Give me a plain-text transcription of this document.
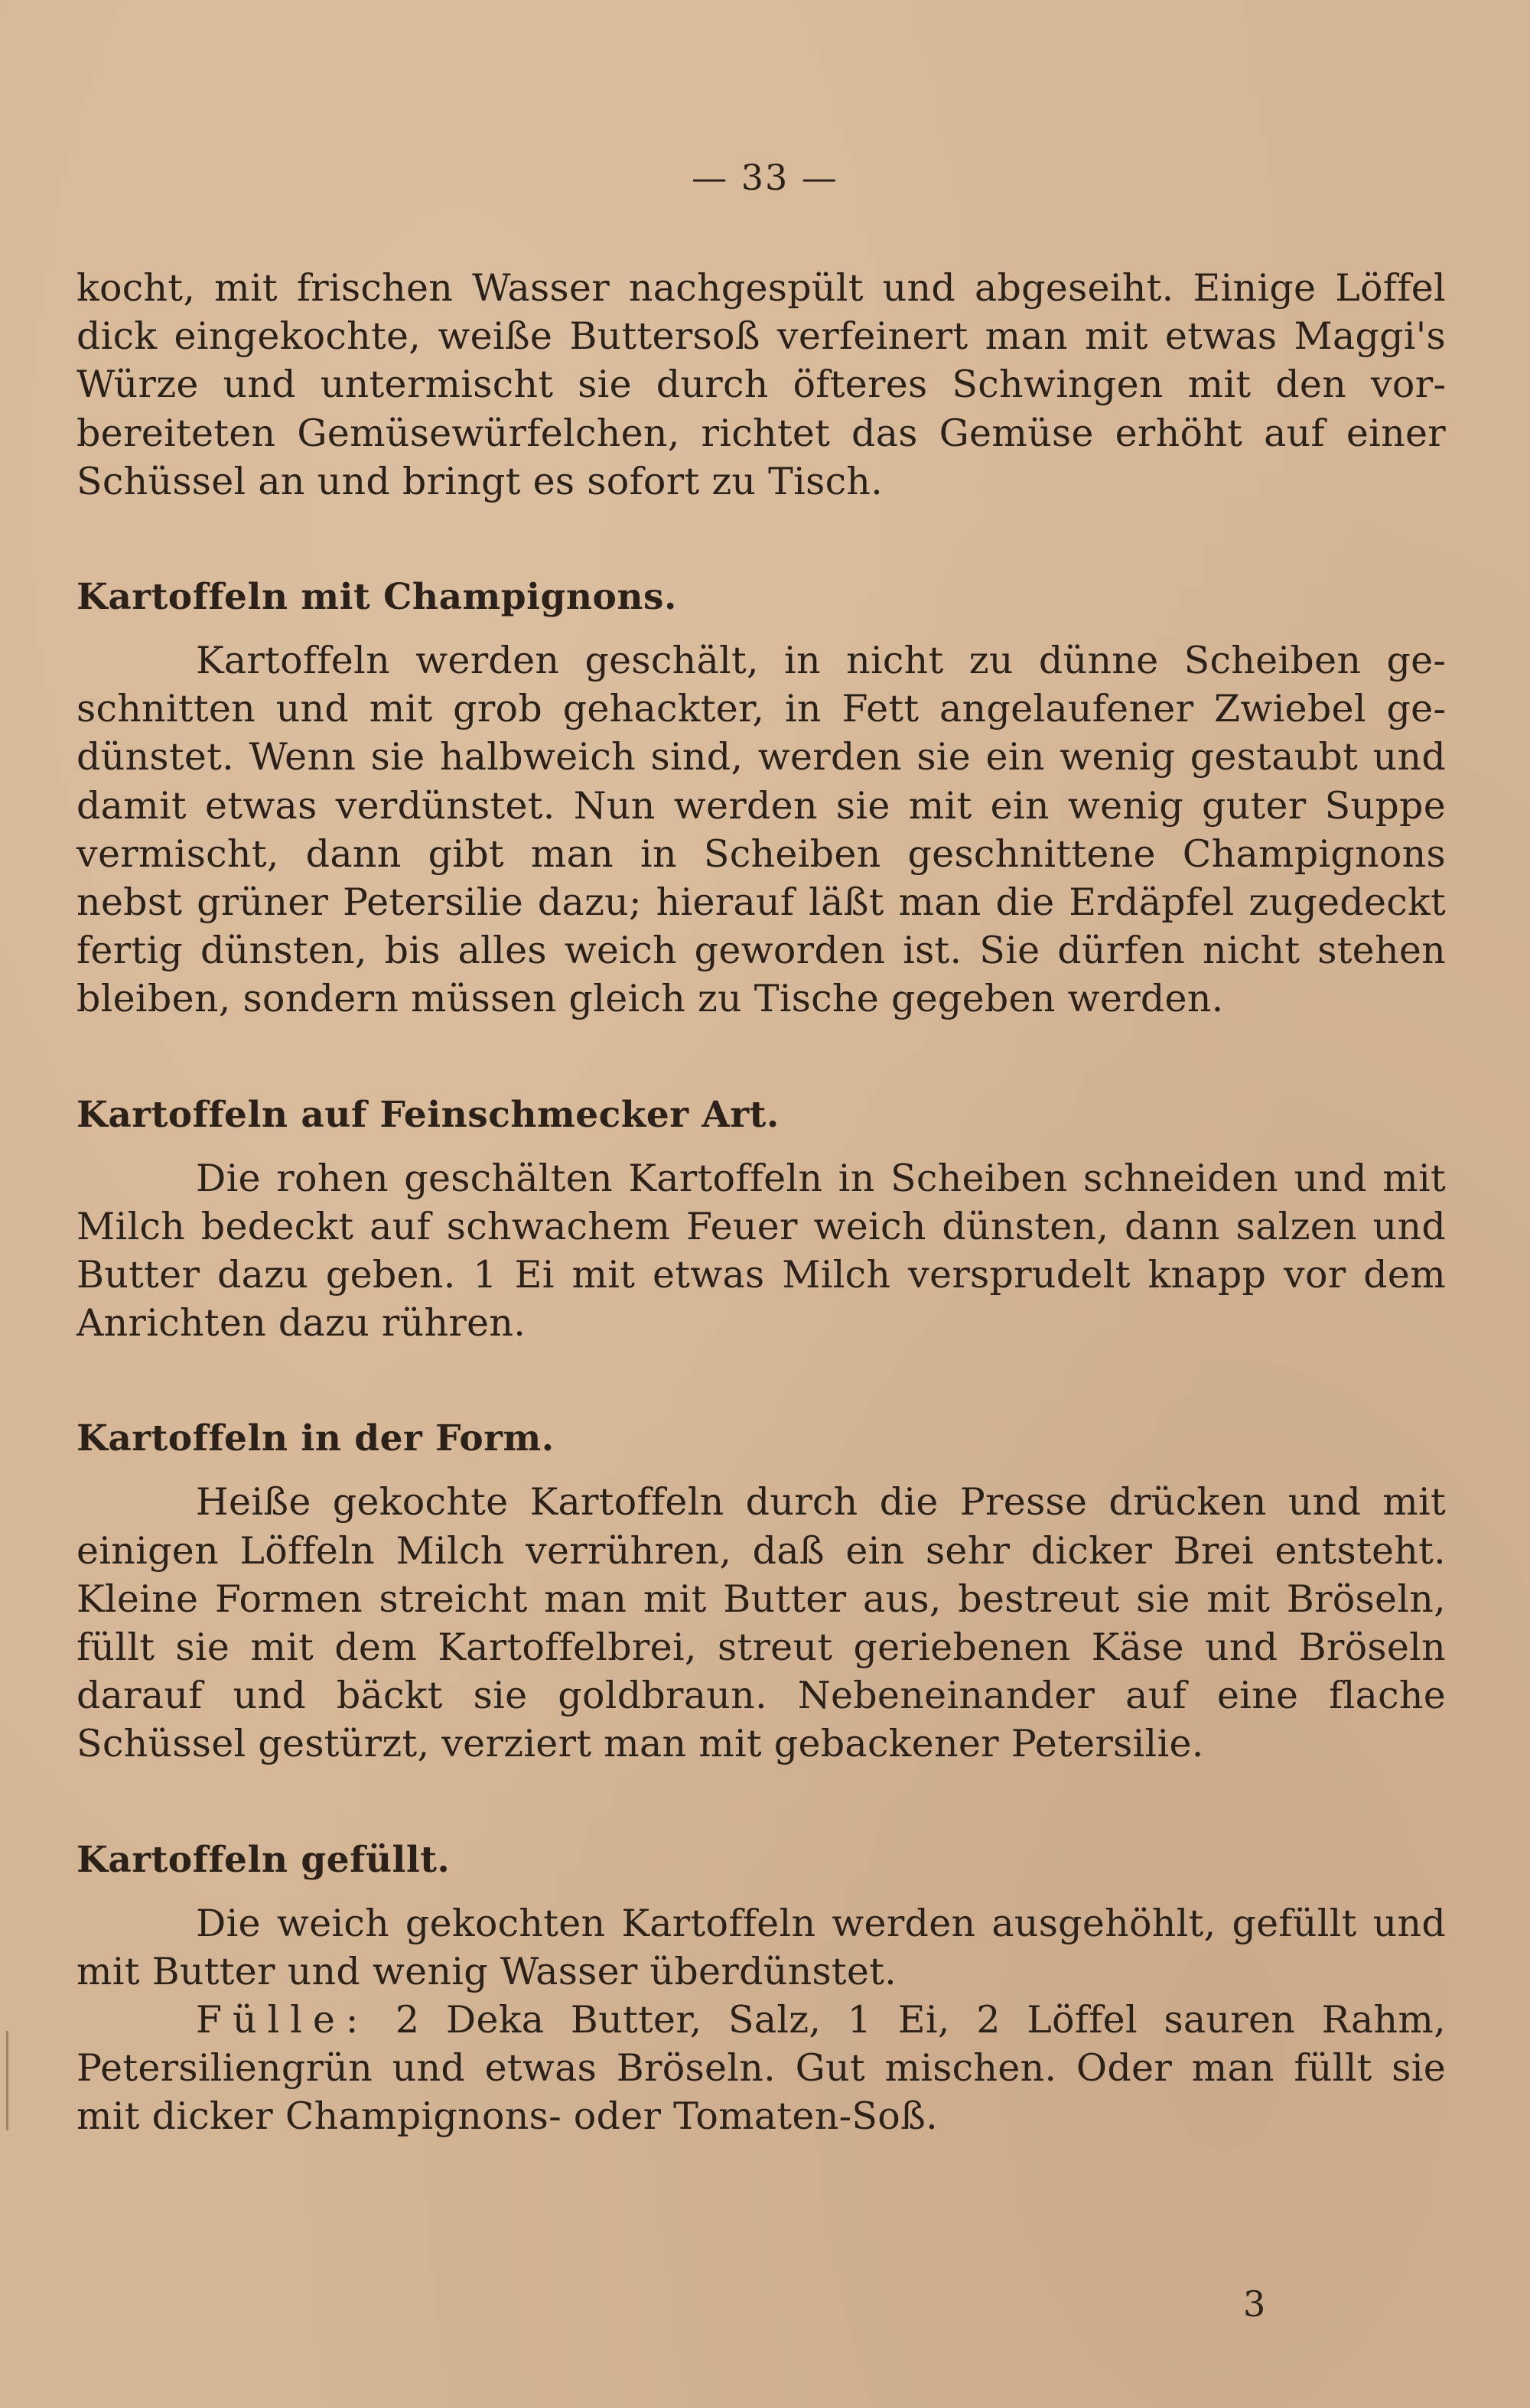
— 33 —

kocht, mit frischen Wasser nachgespült und abgeseiht. Einige Löffel dick eingekochte, weiße Buttersoß verfeinert man mit etwas Maggi's Würze und untermischt sie durch öfteres Schwingen mit den vorbereiteten Gemüsewürfelchen, richtet das Gemüse erhöht auf einer Schüssel an und bringt es sofort zu Tisch.

Kartoffeln mit Champignons.

Kartoffeln werden geschält, in nicht zu dünne Scheiben geschnitten und mit grob gehackter, in Fett angelaufener Zwiebel gedünstet. Wenn sie halbweich sind, werden sie ein wenig gestaubt und damit etwas verdünstet. Nun werden sie mit ein wenig guter Suppe vermischt, dann gibt man in Scheiben geschnittene Champignons nebst grüner Petersilie dazu; hierauf läßt man die Erdäpfel zugedeckt fertig dünsten, bis alles weich geworden ist. Sie dürfen nicht stehen bleiben, sondern müssen gleich zu Tische gegeben werden.

Kartoffeln auf Feinschmecker Art.

Die rohen geschälten Kartoffeln in Scheiben schneiden und mit Milch bedeckt auf schwachem Feuer weich dünsten, dann salzen und Butter dazu geben. 1 Ei mit etwas Milch versprudelt knapp vor dem Anrichten dazu rühren.

Kartoffeln in der Form.

Heiße gekochte Kartoffeln durch die Presse drücken und mit einigen Löffeln Milch verrühren, daß ein sehr dicker Brei entsteht. Kleine Formen streicht man mit Butter aus, bestreut sie mit Bröseln, füllt sie mit dem Kartoffelbrei, streut geriebenen Käse und Bröseln darauf und bäckt sie goldbraun. Nebeneinander auf eine flache Schüssel gestürzt, verziert man mit gebackener Petersilie.

Kartoffeln gefüllt.

Die weich gekochten Kartoffeln werden ausgehöhlt, gefüllt und mit Butter und wenig Wasser überdünstet.

Fülle: 2 Deka Butter, Salz, 1 Ei, 2 Löffel sauren Rahm, Petersiliengrün und etwas Bröseln. Gut mischen. Oder man füllt sie mit dicker Champignons- oder Tomaten-Soß.

3
